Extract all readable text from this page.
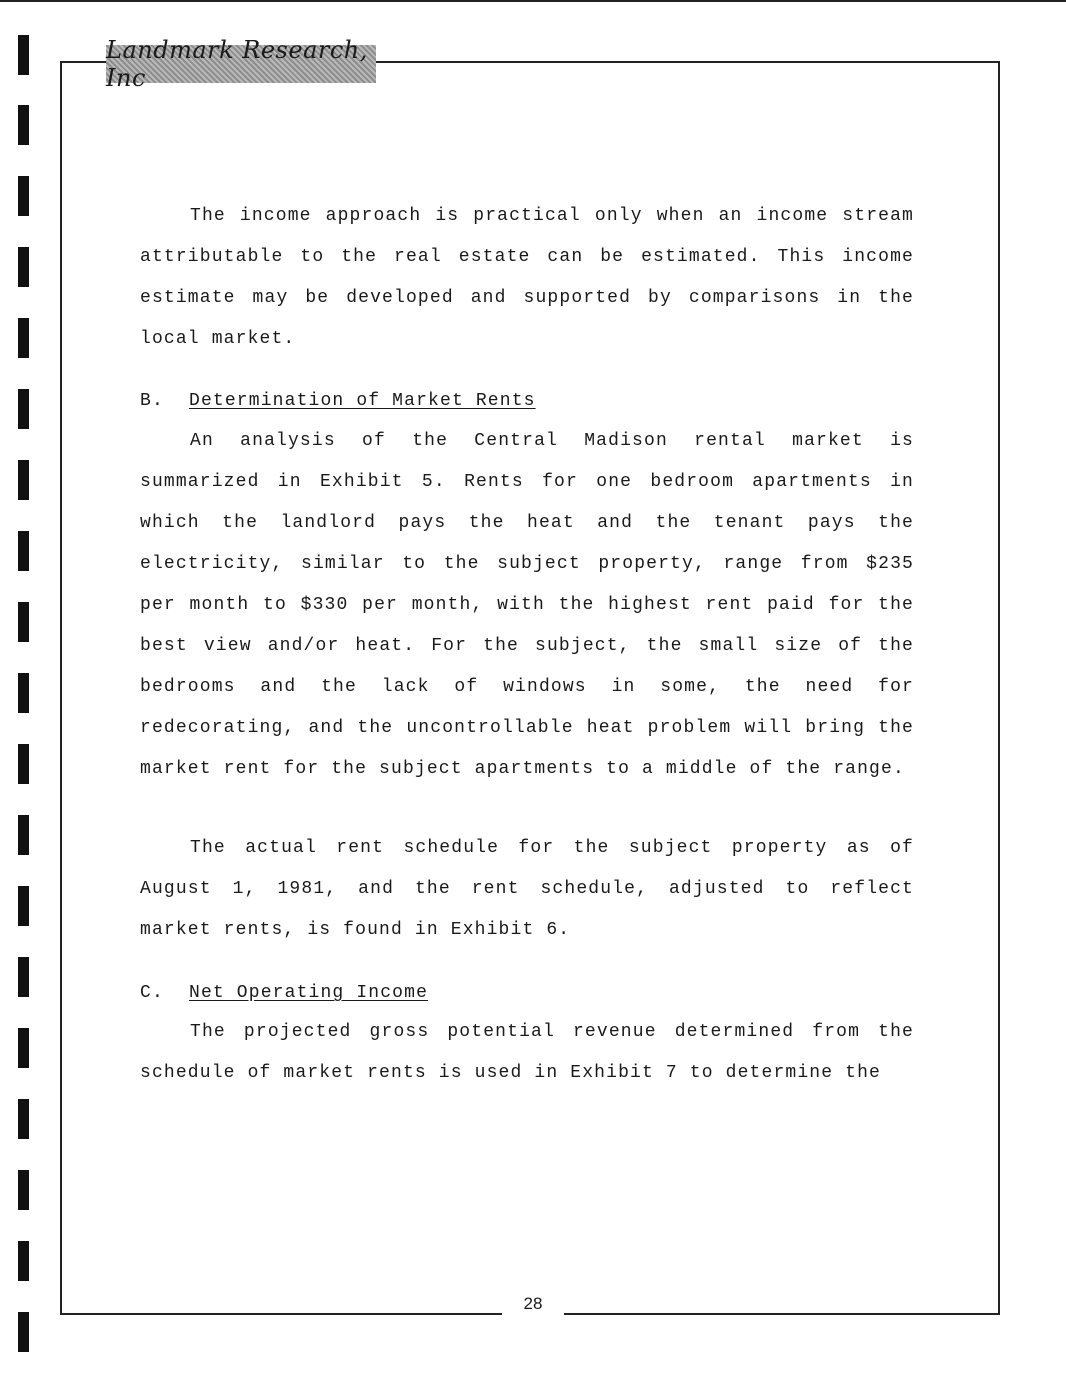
Landmark Research, Inc

The income approach is practical only when an income stream attributable to the real estate can be estimated. This income estimate may be developed and supported by comparisons in the local market.

B. Determination of Market Rents

An analysis of the Central Madison rental market is summarized in Exhibit 5. Rents for one bedroom apartments in which the landlord pays the heat and the tenant pays the electricity, similar to the subject property, range from $235 per month to $330 per month, with the highest rent paid for the best view and/or heat. For the subject, the small size of the bedrooms and the lack of windows in some, the need for redecorating, and the uncontrollable heat problem will bring the market rent for the subject apartments to a middle of the range.

The actual rent schedule for the subject property as of August 1, 1981, and the rent schedule, adjusted to reflect market rents, is found in Exhibit 6.

C. Net Operating Income

The projected gross potential revenue determined from the schedule of market rents is used in Exhibit 7 to determine the

28
